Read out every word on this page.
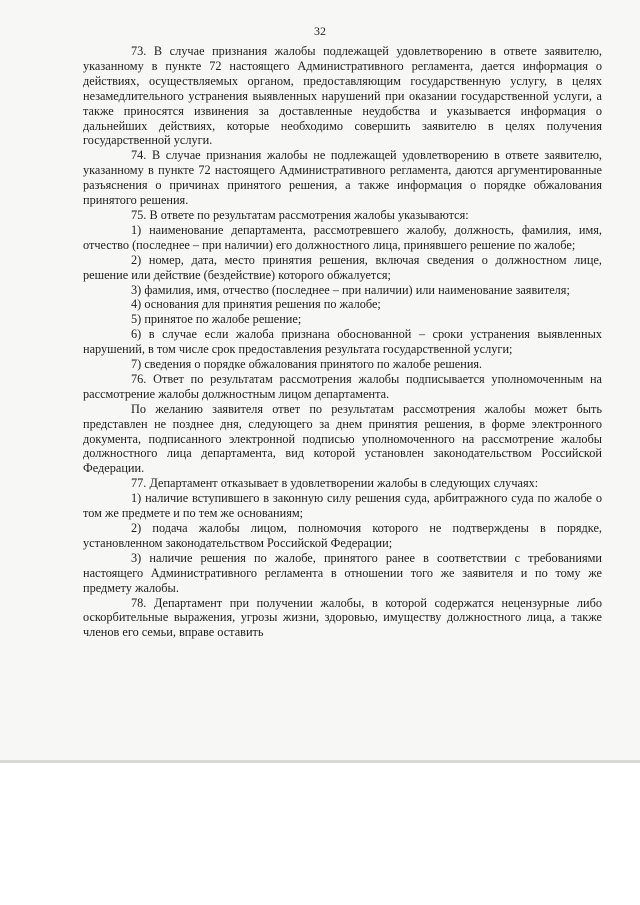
32

73. В случае признания жалобы подлежащей удовлетворению в ответе заявителю, указанному в пункте 72 настоящего Административного регламента, дается информация о действиях, осуществляемых органом, предоставляющим государственную услугу, в целях незамедлительного устранения выявленных нарушений при оказании государственной услуги, а также приносятся извинения за доставленные неудобства и указывается информация о дальнейших действиях, которые необходимо совершить заявителю в целях получения государственной услуги.

74. В случае признания жалобы не подлежащей удовлетворению в ответе заявителю, указанному в пункте 72 настоящего Административного регламента, даются аргументированные разъяснения о причинах принятого решения, а также информация о порядке обжалования принятого решения.

75. В ответе по результатам рассмотрения жалобы указываются:

1) наименование департамента, рассмотревшего жалобу, должность, фамилия, имя, отчество (последнее – при наличии) его должностного лица, принявшего решение по жалобе;

2) номер, дата, место принятия решения, включая сведения о должностном лице, решение или действие (бездействие) которого обжалуется;

3) фамилия, имя, отчество (последнее – при наличии) или наименование заявителя;

4) основания для принятия решения по жалобе;

5) принятое по жалобе решение;

6) в случае если жалоба признана обоснованной – сроки устранения выявленных нарушений, в том числе срок предоставления результата государственной услуги;

7) сведения о порядке обжалования принятого по жалобе решения.

76. Ответ по результатам рассмотрения жалобы подписывается уполномоченным на рассмотрение жалобы должностным лицом департамента.

По желанию заявителя ответ по результатам рассмотрения жалобы может быть представлен не позднее дня, следующего за днем принятия решения, в форме электронного документа, подписанного электронной подписью уполномоченного на рассмотрение жалобы должностного лица департамента, вид которой установлен законодательством Российской Федерации.

77. Департамент отказывает в удовлетворении жалобы в следующих случаях:

1) наличие вступившего в законную силу решения суда, арбитражного суда по жалобе о том же предмете и по тем же основаниям;

2) подача жалобы лицом, полномочия которого не подтверждены в порядке, установленном законодательством Российской Федерации;

3) наличие решения по жалобе, принятого ранее в соответствии с требованиями настоящего Административного регламента в отношении того же заявителя и по тому же предмету жалобы.

78. Департамент при получении жалобы, в которой содержатся нецензурные либо оскорбительные выражения, угрозы жизни, здоровью, имуществу должностного лица, а также членов его семьи, вправе оставить
